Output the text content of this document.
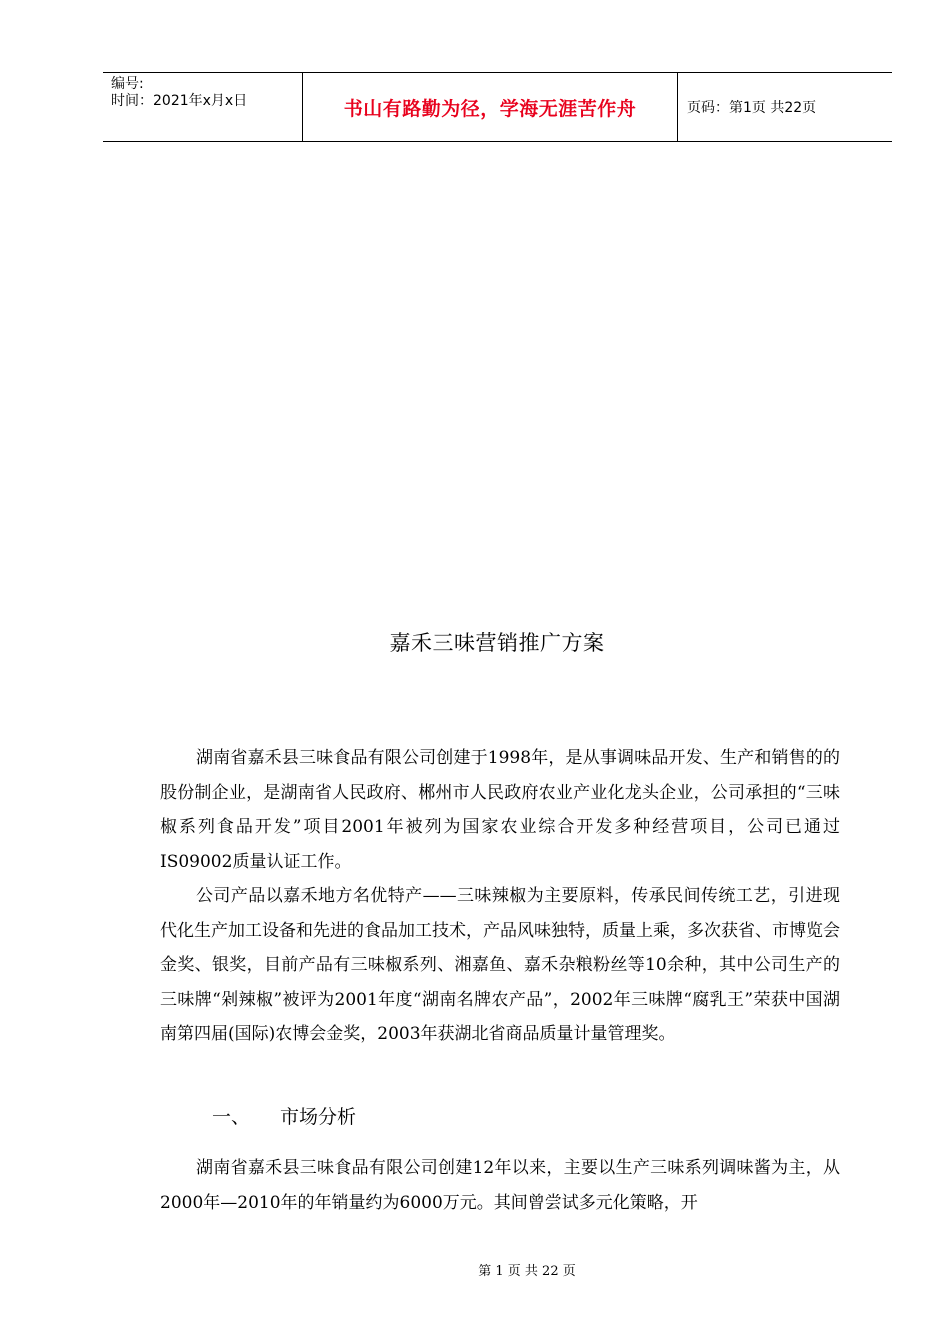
编号:
时间：2021年x月x日	书山有路勤为径，学海无涯苦作舟	页码：第1页 共22页
嘉禾三味营销推广方案

湖南省嘉禾县三味食品有限公司创建于1998年，是从事调味品开发、生产和销售的的股份制企业，是湖南省人民政府、郴州市人民政府农业产业化龙头企业，公司承担的“三味椒系列食品开发”项目2001年被列为国家农业综合开发多种经营项目，公司已通过IS09002质量认证工作。

公司产品以嘉禾地方名优特产——三味辣椒为主要原料，传承民间传统工艺，引进现代化生产加工设备和先进的食品加工技术，产品风味独特，质量上乘，多次获省、市博览会金奖、银奖，目前产品有三味椒系列、湘嘉鱼、嘉禾杂粮粉丝等10余种，其中公司生产的三味牌“剁辣椒”被评为2001年度“湖南名牌农产品”，2002年三味牌“腐乳王”荣获中国湖南第四届(国际)农博会金奖，2003年获湖北省商品质量计量管理奖。

一、 市场分析

湖南省嘉禾县三味食品有限公司创建12年以来，主要以生产三味系列调味酱为主，从2000年—2010年的年销量约为6000万元。其间曾尝试多元化策略，开

第 1 页 共 22 页
